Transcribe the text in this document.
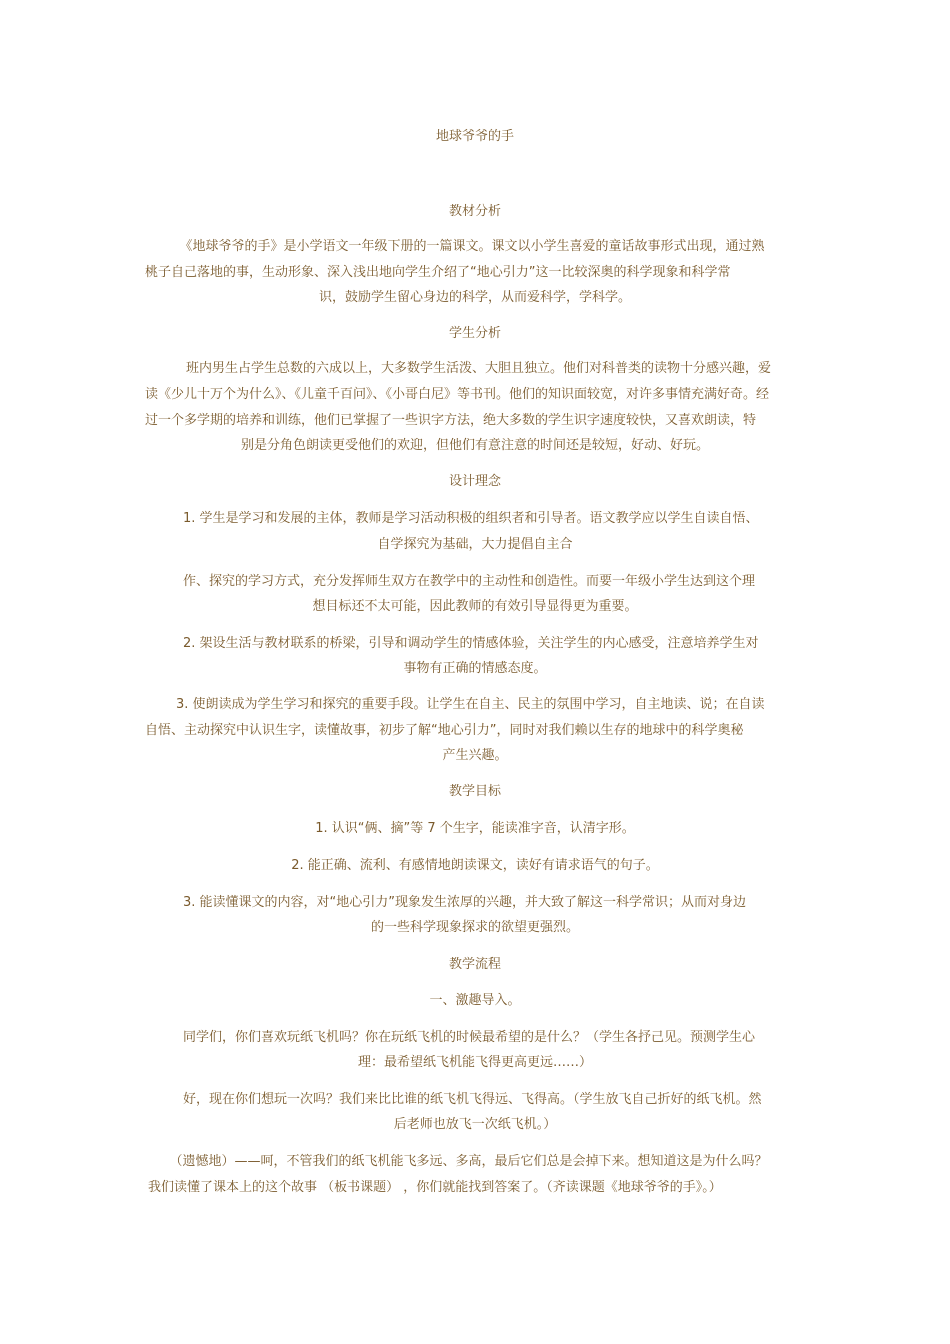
地球爷爷的手
教材分析
　　《地球爷爷的手》是小学语文一年级下册的一篇课文。课文以小学生喜爱的童话故事形式出现，通过熟
桃子自己落地的事，生动形象、深入浅出地向学生介绍了“地心引力”这一比较深奥的科学现象和科学常
识，鼓励学生留心身边的科学，从而爱科学，学科学。
学生分析
　　班内男生占学生总数的六成以上，大多数学生活泼、大胆且独立。他们对科普类的读物十分感兴趣，爱
读《少儿十万个为什么》、《儿童千百问》、《小哥白尼》等书刊。他们的知识面较宽，对许多事情充满好奇。经
过一个多学期的培养和训练，他们已掌握了一些识字方法，绝大多数的学生识字速度较快，又喜欢朗读，特
别是分角色朗读更受他们的欢迎，但他们有意注意的时间还是较短，好动、好玩。
设计理念
1. 学生是学习和发展的主体，教师是学习活动积极的组织者和引导者。语文教学应以学生自读自悟、
自学探究为基础，大力提倡自主合
作、探究的学习方式，充分发挥师生双方在教学中的主动性和创造性。而要一年级小学生达到这个理
想目标还不太可能，因此教师的有效引导显得更为重要。
2. 架设生活与教材联系的桥梁，引导和调动学生的情感体验，关注学生的内心感受，注意培养学生对
事物有正确的情感态度。
　　3. 使朗读成为学生学习和探究的重要手段。让学生在自主、民主的氛围中学习，自主地读、说；在自读
自悟、主动探究中认识生字，读懂故事，初步了解“地心引力”，同时对我们赖以生存的地球中的科学奥秘
产生兴趣。
教学目标
1. 认识“俩、摘”等 7 个生字，能读准字音，认清字形。
2. 能正确、流利、有感情地朗读课文，读好有请求语气的句子。
3. 能读懂课文的内容，对“地心引力”现象发生浓厚的兴趣，并大致了解这一科学常识；从而对身边
的一些科学现象探求的欲望更强烈。
教学流程
一、激趣导入。
同学们，你们喜欢玩纸飞机吗？你在玩纸飞机的时候最希望的是什么？（学生各抒己见。预测学生心
理：最希望纸飞机能飞得更高更远……）
好，现在你们想玩一次吗？我们来比比谁的纸飞机飞得远、飞得高。（学生放飞自己折好的纸飞机。然
后老师也放飞一次纸飞机。）
　　（遗憾地）——呵，不管我们的纸飞机能飞多远、多高，最后它们总是会掉下来。想知道这是为什么吗？
我们读懂了课本上的这个故事 （板书课题） ，你们就能找到答案了。（齐读课题《地球爷爷的手》。）
